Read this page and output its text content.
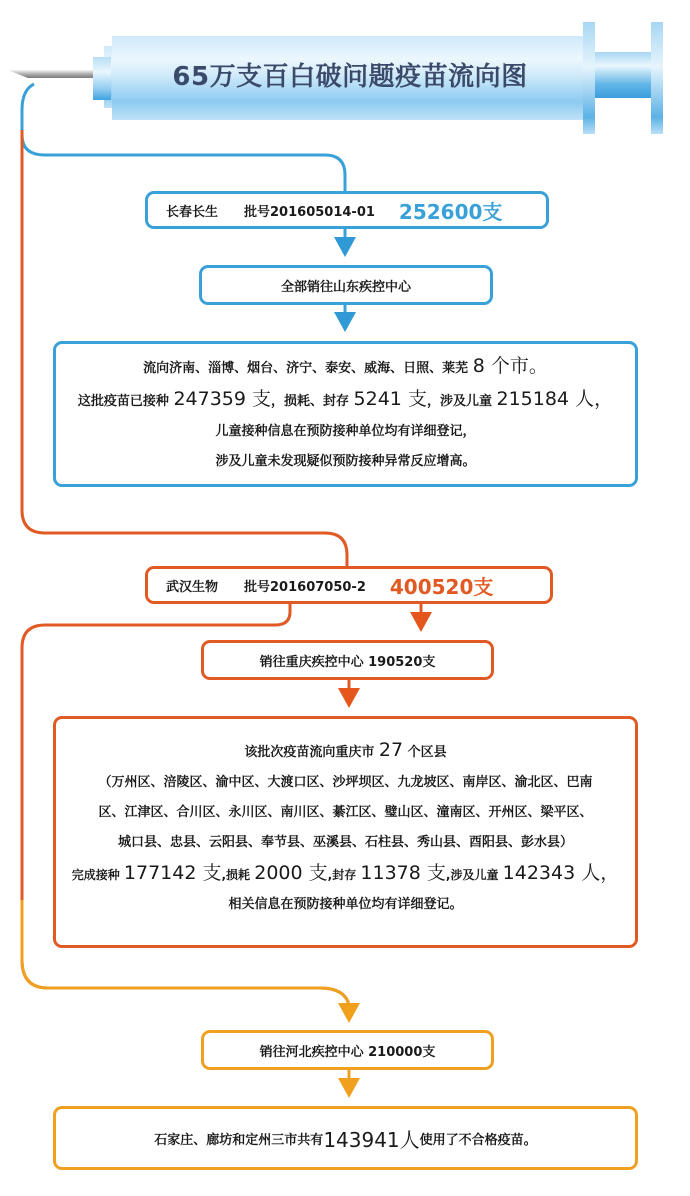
65万支百白破问题疫苗流向图
长春长生 批号201605014-01 252600支
全部销往山东疾控中心
流向济南、淄博、烟台、济宁、泰安、威海、日照、莱芜 8 个市。
这批疫苗已接种 247359 支，损耗、封存 5241 支，涉及儿童 215184 人，
儿童接种信息在预防接种单位均有详细登记，
涉及儿童未发现疑似预防接种异常反应增高。
武汉生物 批号201607050-2 400520支
销往重庆疾控中心 190520支
该批次疫苗流向重庆市 27 个区县
（万州区、涪陵区、渝中区、大渡口区、沙坪坝区、九龙坡区、南岸区、渝北区、巴南
区、江津区、合川区、永川区、南川区、綦江区、璧山区、潼南区、开州区、梁平区、
城口县、忠县、云阳县、奉节县、巫溪县、石柱县、秀山县、酉阳县、彭水县）
完成接种 177142 支,损耗 2000 支,封存 11378 支,涉及儿童 142343 人，
相关信息在预防接种单位均有详细登记。
销往河北疾控中心 210000支
石家庄、廊坊和定州三市共有 143941人 使用了不合格疫苗。
